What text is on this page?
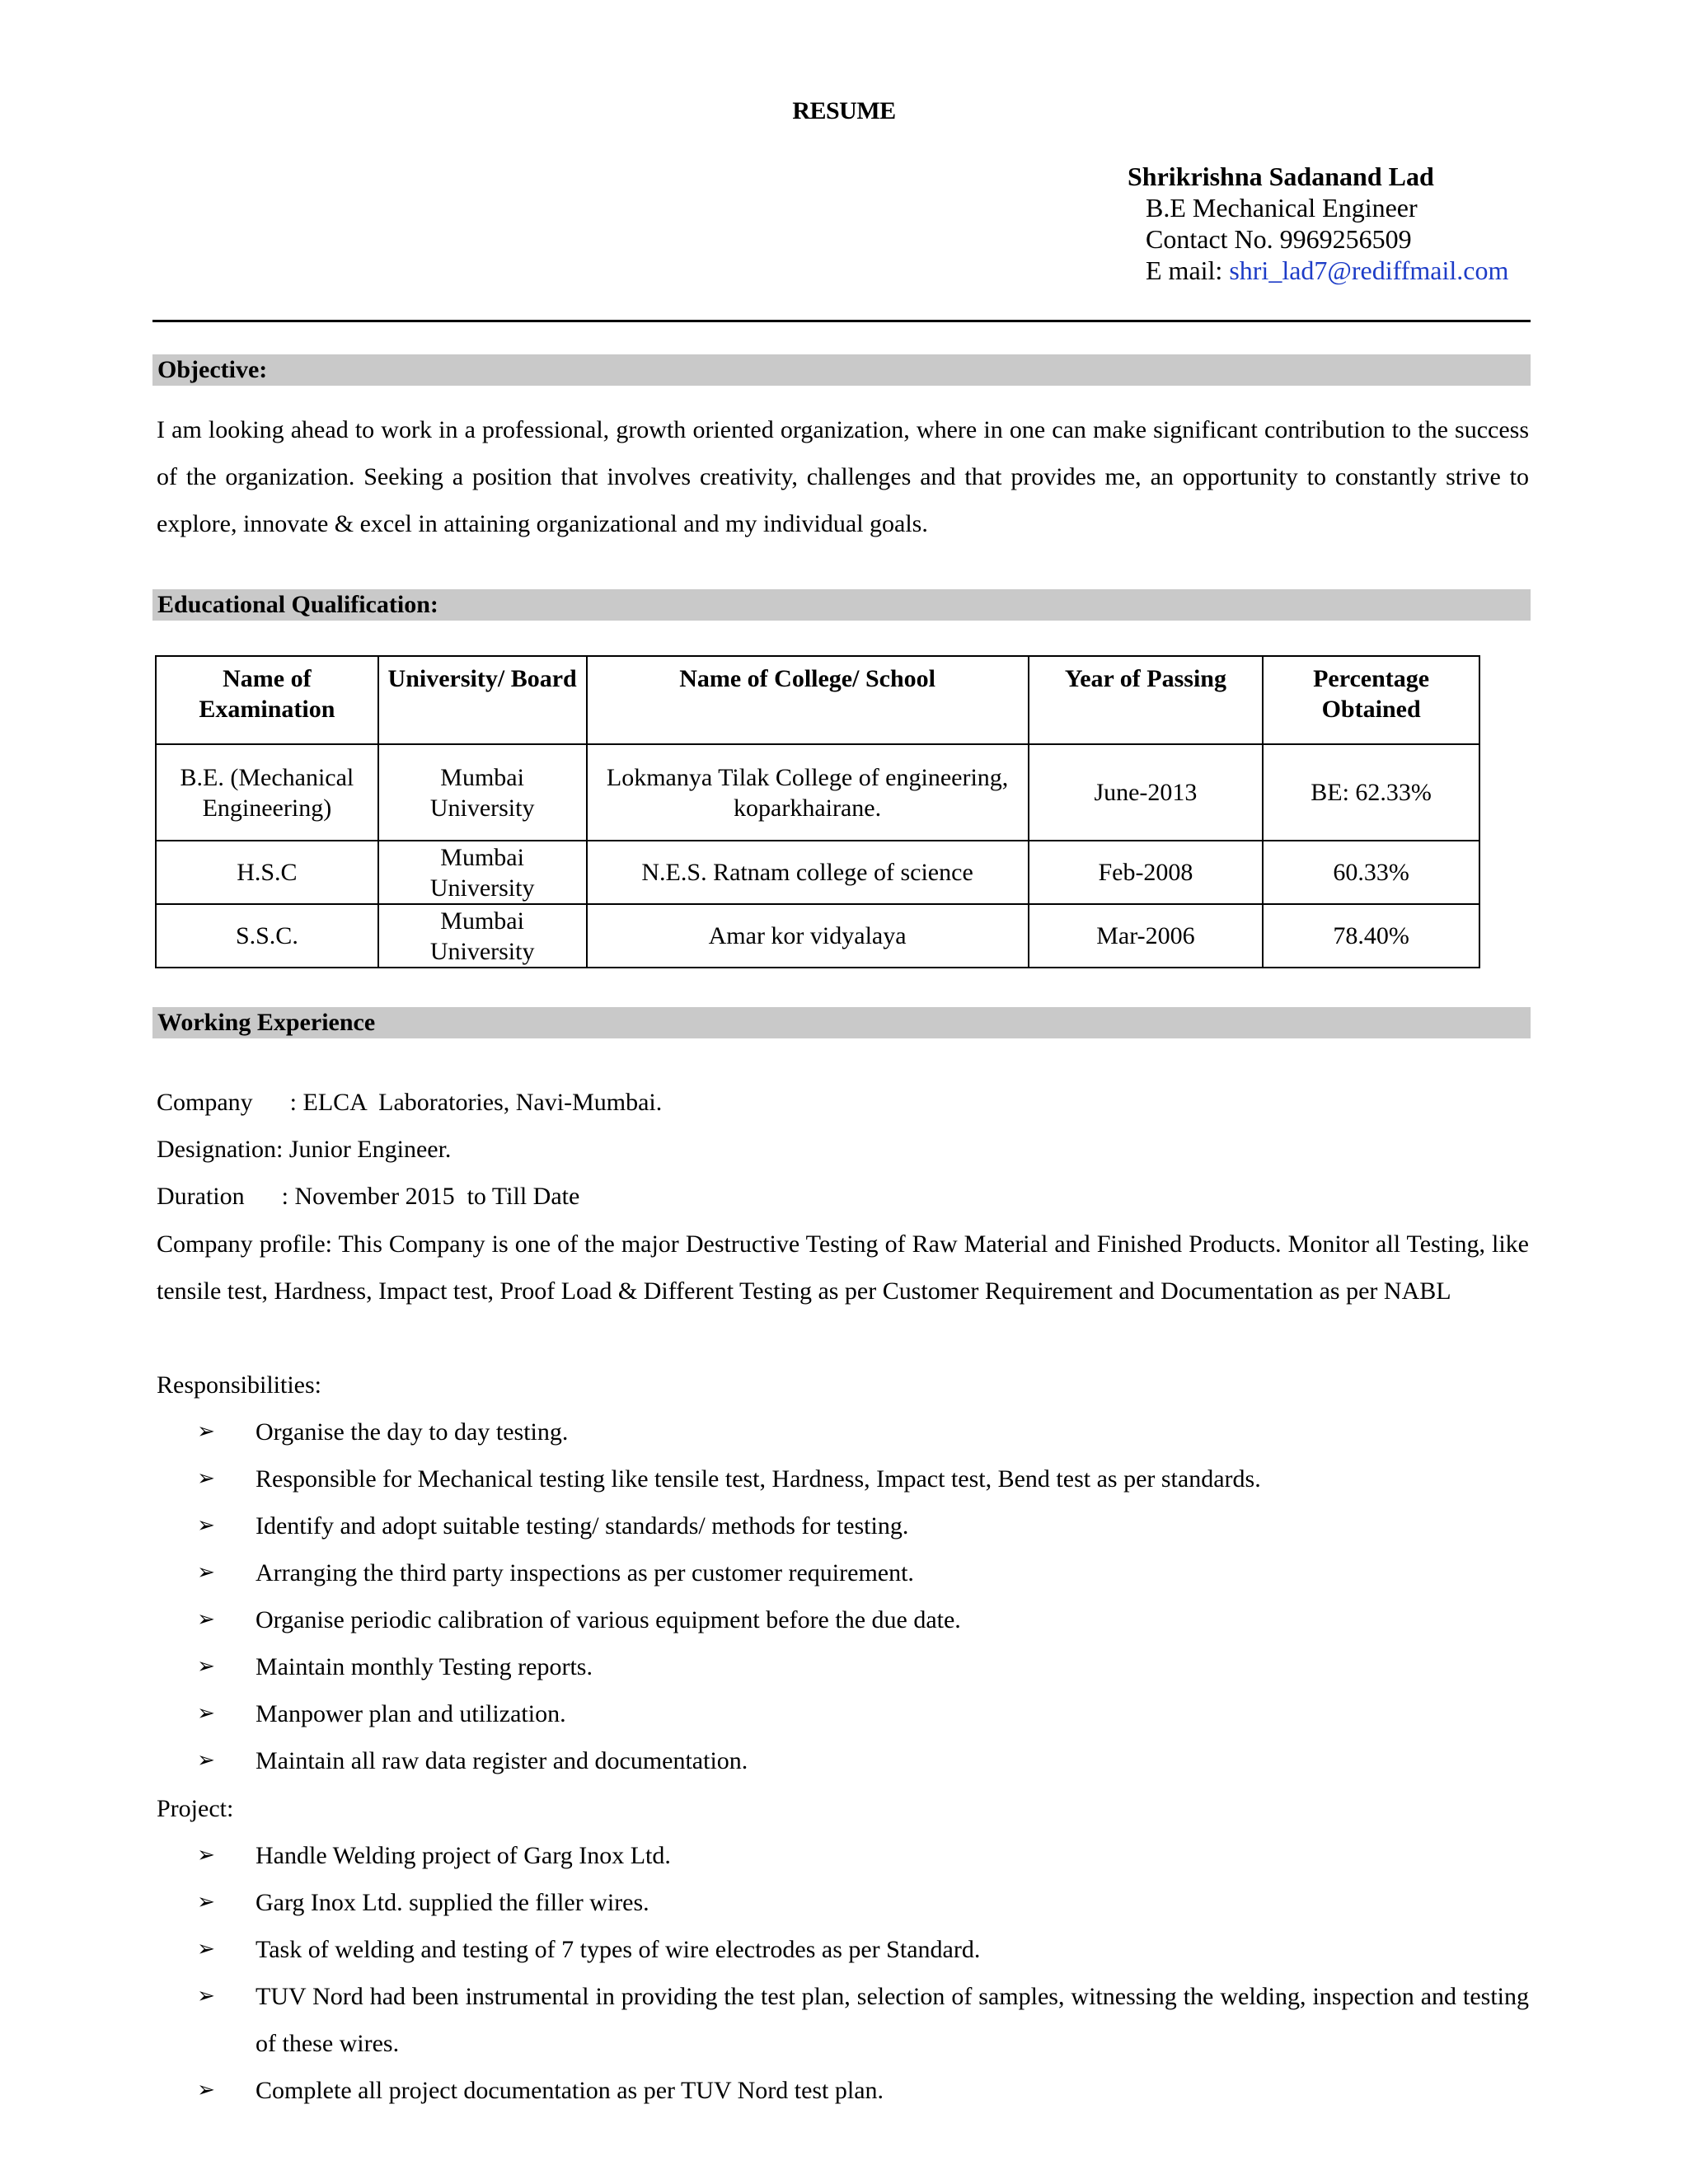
RESUME
Shrikrishna Sadanand Lad
B.E Mechanical Engineer
Contact No. 9969256509
E mail: shri_lad7@rediffmail.com
Objective:
I am looking ahead to work in a professional, growth oriented organization, where in one can make significant contribution to the success of the organization. Seeking a position that involves creativity, challenges and that provides me, an opportunity to constantly strive to explore, innovate & excel in attaining organizational and my individual goals.
Educational Qualification:
Name of Examination	University/ Board	Name of College/ School	Year of Passing	Percentage Obtained
B.E. (Mechanical Engineering)	Mumbai University	Lokmanya Tilak College of engineering, koparkhairane.	June-2013	BE: 62.33%
H.S.C	Mumbai University	N.E.S. Ratnam college of science	Feb-2008	60.33%
S.S.C.	Mumbai University	Amar kor vidyalaya	Mar-2006	78.40%
Working Experience
Company      : ELCA  Laboratories, Navi-Mumbai.
Designation: Junior Engineer.
Duration      : November 2015  to Till Date
Company profile: This Company is one of the major Destructive Testing of Raw Material and Finished Products. Monitor all Testing, like tensile test, Hardness, Impact test, Proof Load & Different Testing as per Customer Requirement and Documentation as per NABL
Responsibilities:
➢	Organise the day to day testing.
➢	Responsible for Mechanical testing like tensile test, Hardness, Impact test, Bend test as per standards.
➢	Identify and adopt suitable testing/ standards/ methods for testing.
➢	Arranging the third party inspections as per customer requirement.
➢	Organise periodic calibration of various equipment before the due date.
➢	Maintain monthly Testing reports.
➢	Manpower plan and utilization.
➢	Maintain all raw data register and documentation.
Project:
➢	Handle Welding project of Garg Inox Ltd.
➢	Garg Inox Ltd. supplied the filler wires.
➢	Task of welding and testing of 7 types of wire electrodes as per Standard.
➢	TUV Nord had been instrumental in providing the test plan, selection of samples, witnessing the welding, inspection and testing of these wires.
➢	Complete all project documentation as per TUV Nord test plan.
